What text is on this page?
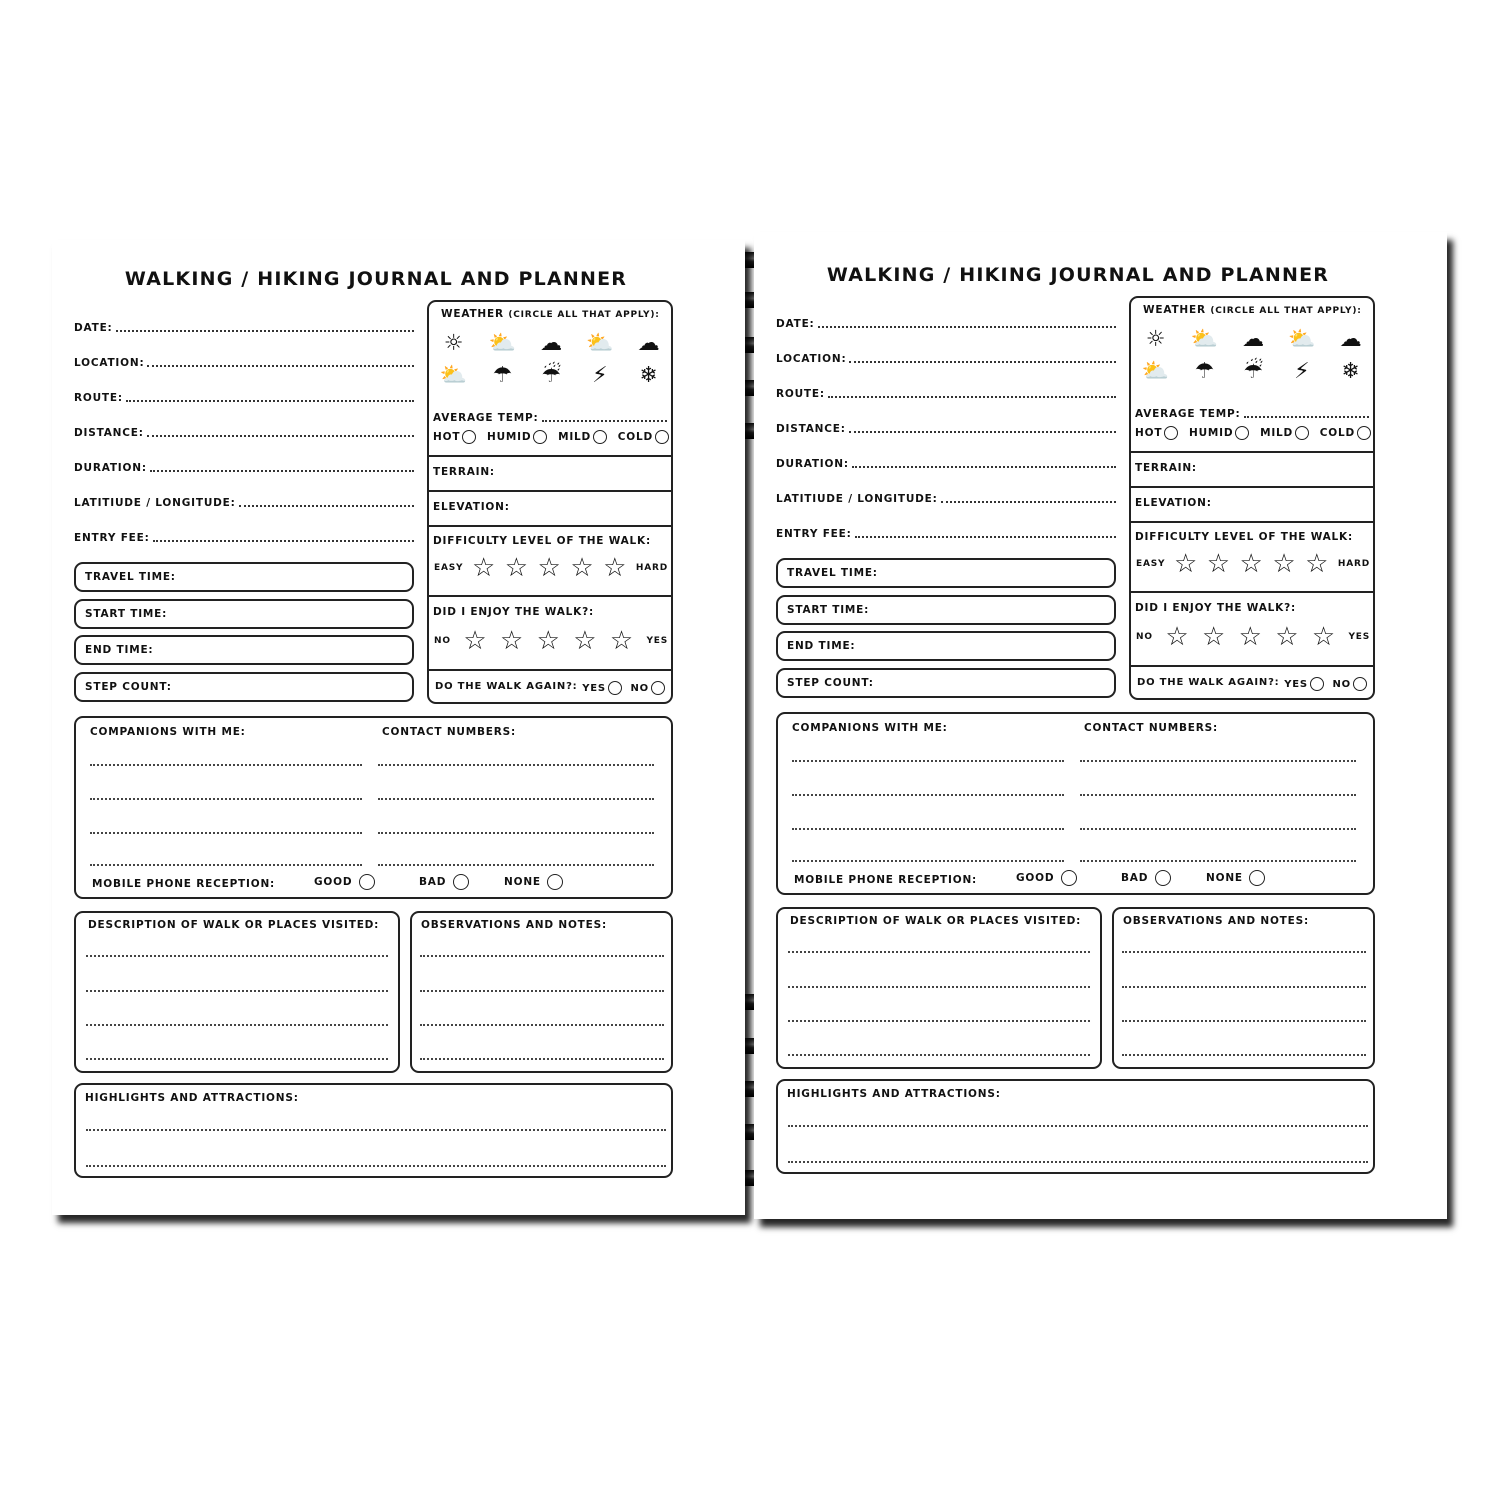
WALKING / HIKING JOURNAL AND PLANNER
DATE:
LOCATION:
ROUTE:
DISTANCE:
DURATION:
LATITIUDE / LONGITUDE:
ENTRY FEE:
TRAVEL TIME:
START TIME:
END TIME:
STEP COUNT:
WEATHER (CIRCLE ALL THAT APPLY):
☼ ⛅ ☁ ⛅ ☁
⛅ ☂ ☔	⚡	❄
AVERAGE TEMP:
HOT	HUMID	MILD	COLD
TERRAIN:
ELEVATION:
DIFFICULTY LEVEL OF THE WALK:
EASY ☆ ☆ ☆ ☆ ☆ HARD
DID I ENJOY THE WALK?:
NO ☆ ☆ ☆ ☆ ☆ YES
DO THE WALK AGAIN?: YES NO
COMPANIONS WITH ME:	CONTACT NUMBERS:
MOBILE PHONE RECEPTION:	GOOD	BAD	NONE
DESCRIPTION OF WALK OR PLACES VISITED:	OBSERVATIONS AND NOTES:
HIGHLIGHTS AND ATTRACTIONS:
WALKING / HIKING JOURNAL AND PLANNER
DATE:
LOCATION:
ROUTE:
DISTANCE:
DURATION:
LATITIUDE / LONGITUDE:
ENTRY FEE:
TRAVEL TIME:
START TIME:
END TIME:
STEP COUNT:
WEATHER (CIRCLE ALL THAT APPLY):
☼ ⛅ ☁ ⛅ ☁
⛅ ☂ ☔	⚡	❄
AVERAGE TEMP:
HOT	HUMID	MILD	COLD
TERRAIN:
ELEVATION:
DIFFICULTY LEVEL OF THE WALK:
EASY ☆ ☆ ☆ ☆ ☆ HARD
DID I ENJOY THE WALK?:
NO ☆ ☆ ☆ ☆ ☆ YES
DO THE WALK AGAIN?: YES NO
COMPANIONS WITH ME:	CONTACT NUMBERS:
MOBILE PHONE RECEPTION:	GOOD	BAD	NONE
DESCRIPTION OF WALK OR PLACES VISITED:	OBSERVATIONS AND NOTES:
HIGHLIGHTS AND ATTRACTIONS:
